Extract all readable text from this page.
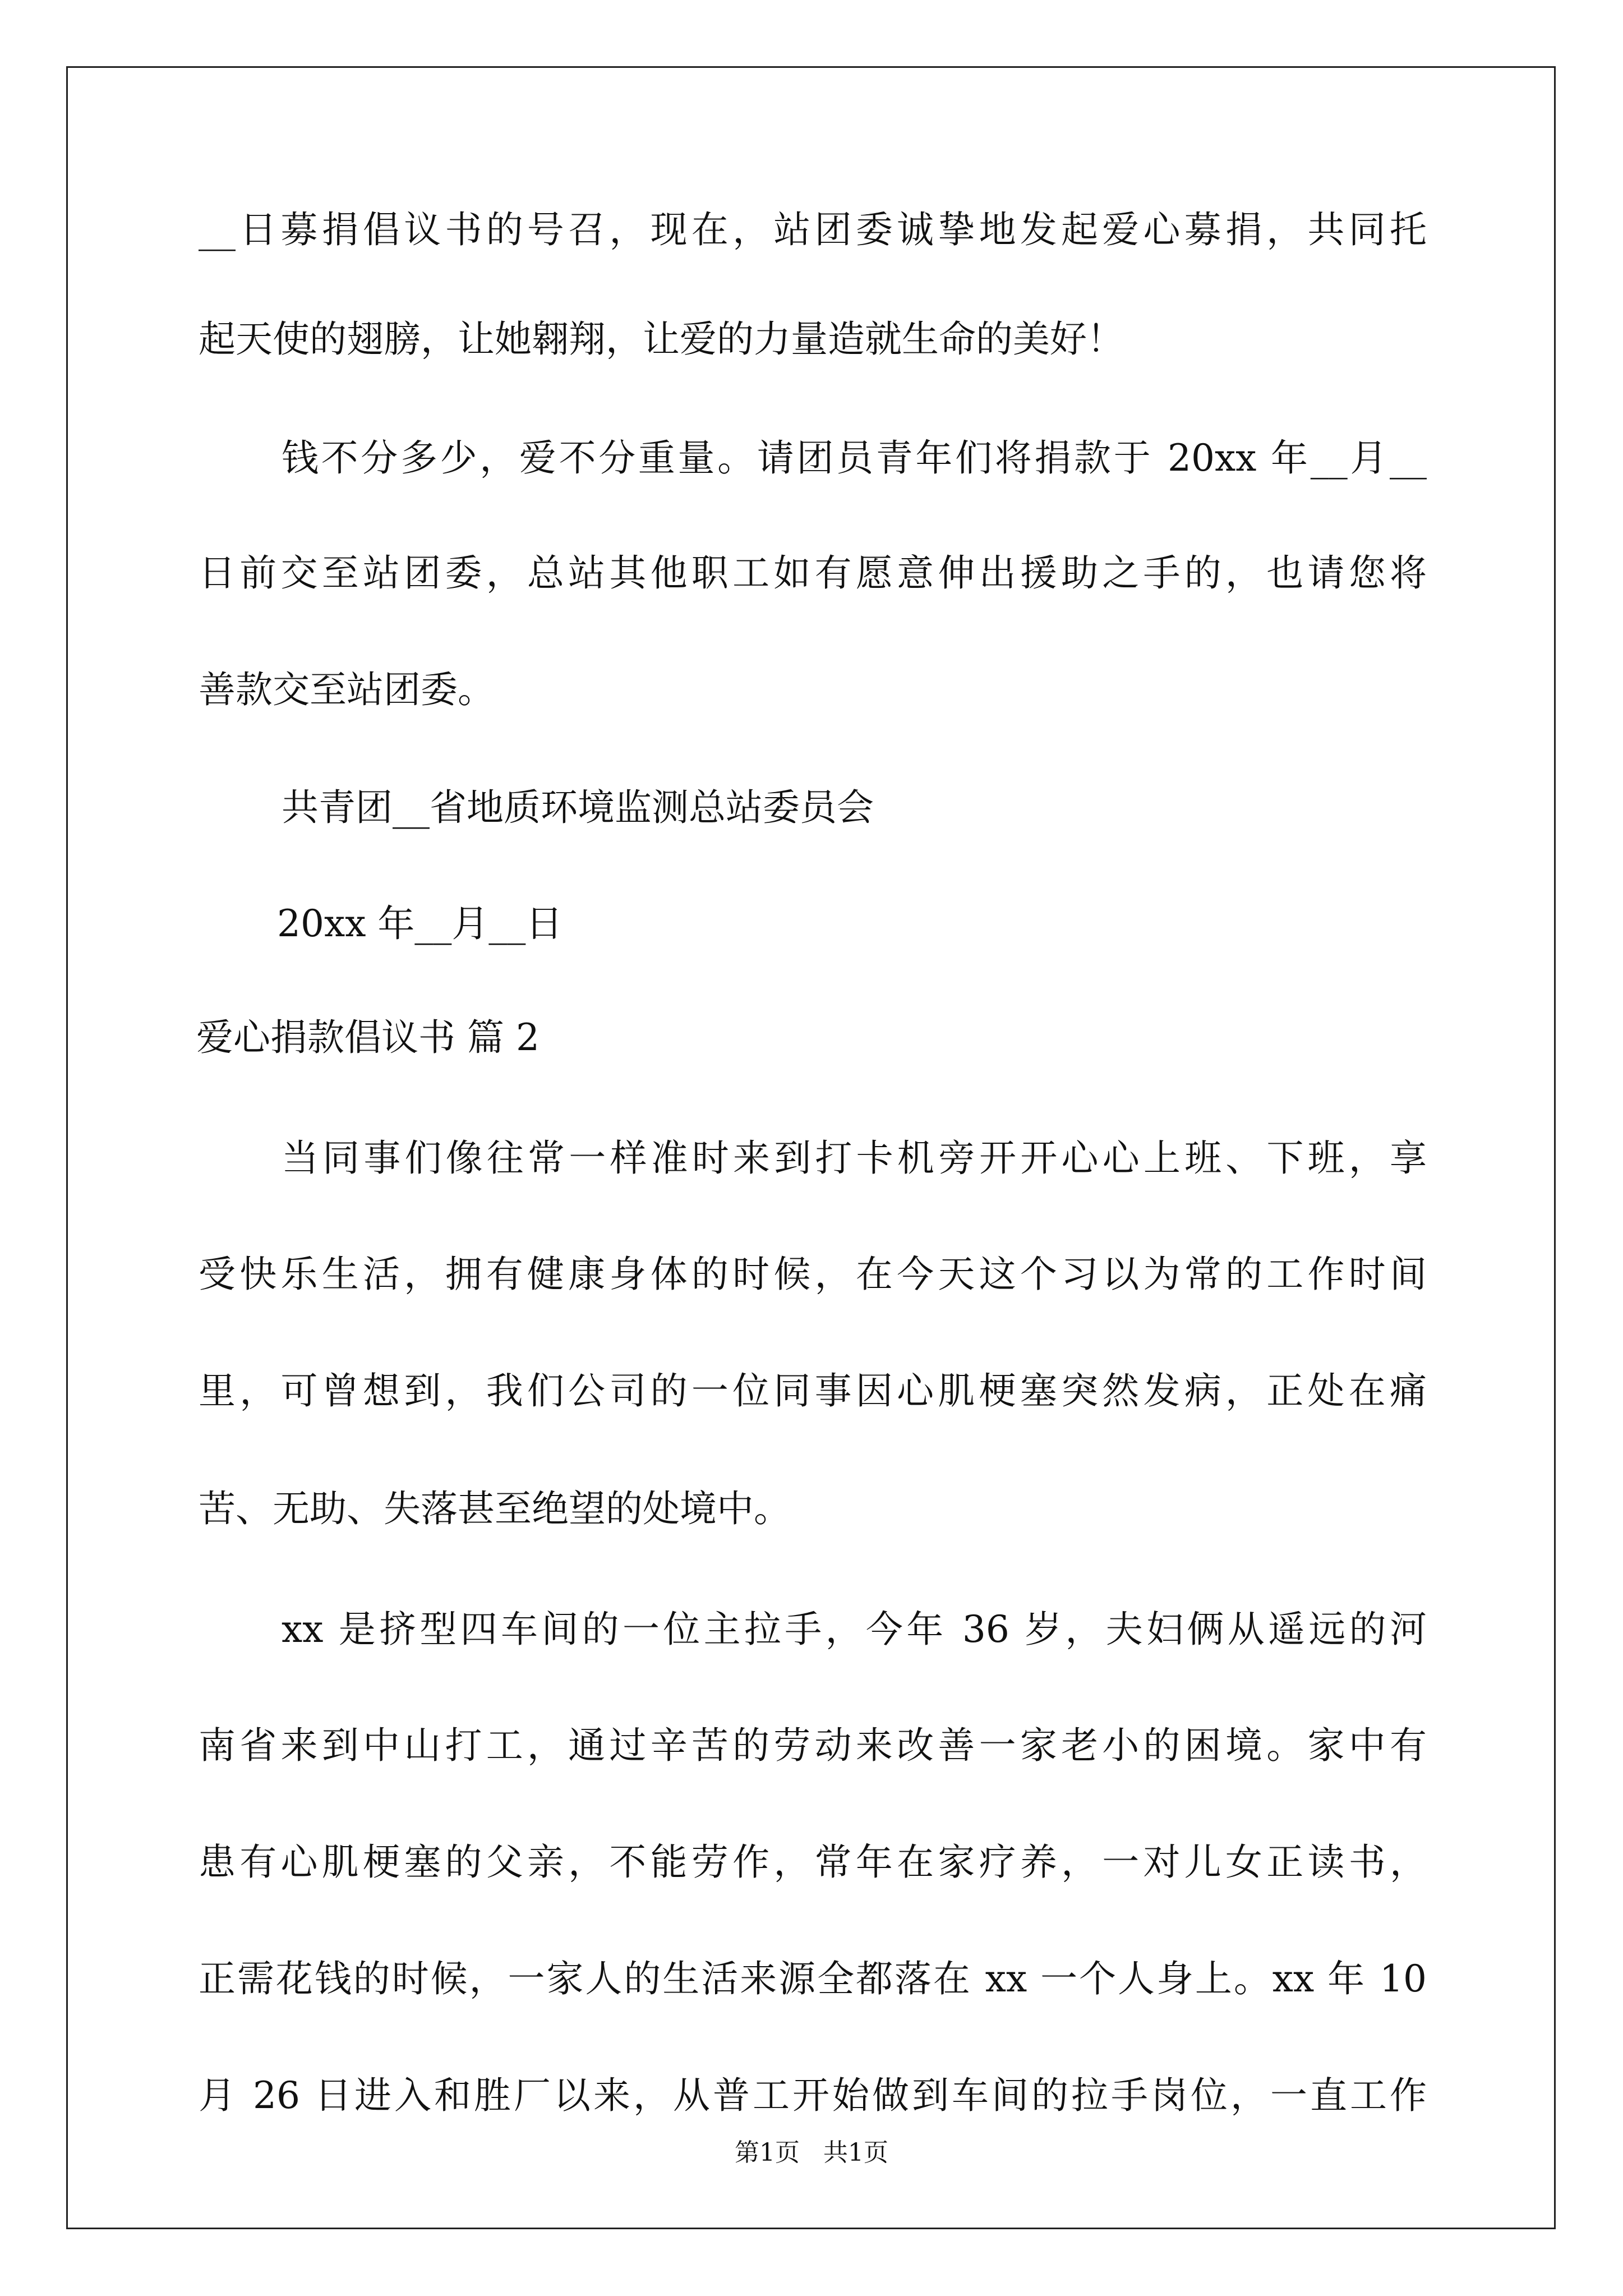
__日募捐倡议书的号召，现在，站团委诚挚地发起爱心募捐，共同托
起天使的翅膀，让她翱翔，让爱的力量造就生命的美好！
钱不分多少，爱不分重量。请团员青年们将捐款于 20xx 年__月__
日前交至站团委，总站其他职工如有愿意伸出援助之手的，也请您将
善款交至站团委。
共青团__省地质环境监测总站委员会
20xx 年__月__日
爱心捐款倡议书 篇 2
当同事们像往常一样准时来到打卡机旁开开心心上班、下班，享
受快乐生活，拥有健康身体的时候，在今天这个习以为常的工作时间
里，可曾想到，我们公司的一位同事因心肌梗塞突然发病，正处在痛
苦、无助、失落甚至绝望的处境中。
xx 是挤型四车间的一位主拉手，今年 36 岁，夫妇俩从遥远的河
南省来到中山打工，通过辛苦的劳动来改善一家老小的困境。家中有
患有心肌梗塞的父亲，不能劳作，常年在家疗养，一对儿女正读书，
正需花钱的时候，一家人的生活来源全都落在 xx 一个人身上。xx 年 10
月 26 日进入和胜厂以来，从普工开始做到车间的拉手岗位，一直工作
第1页   共1页
